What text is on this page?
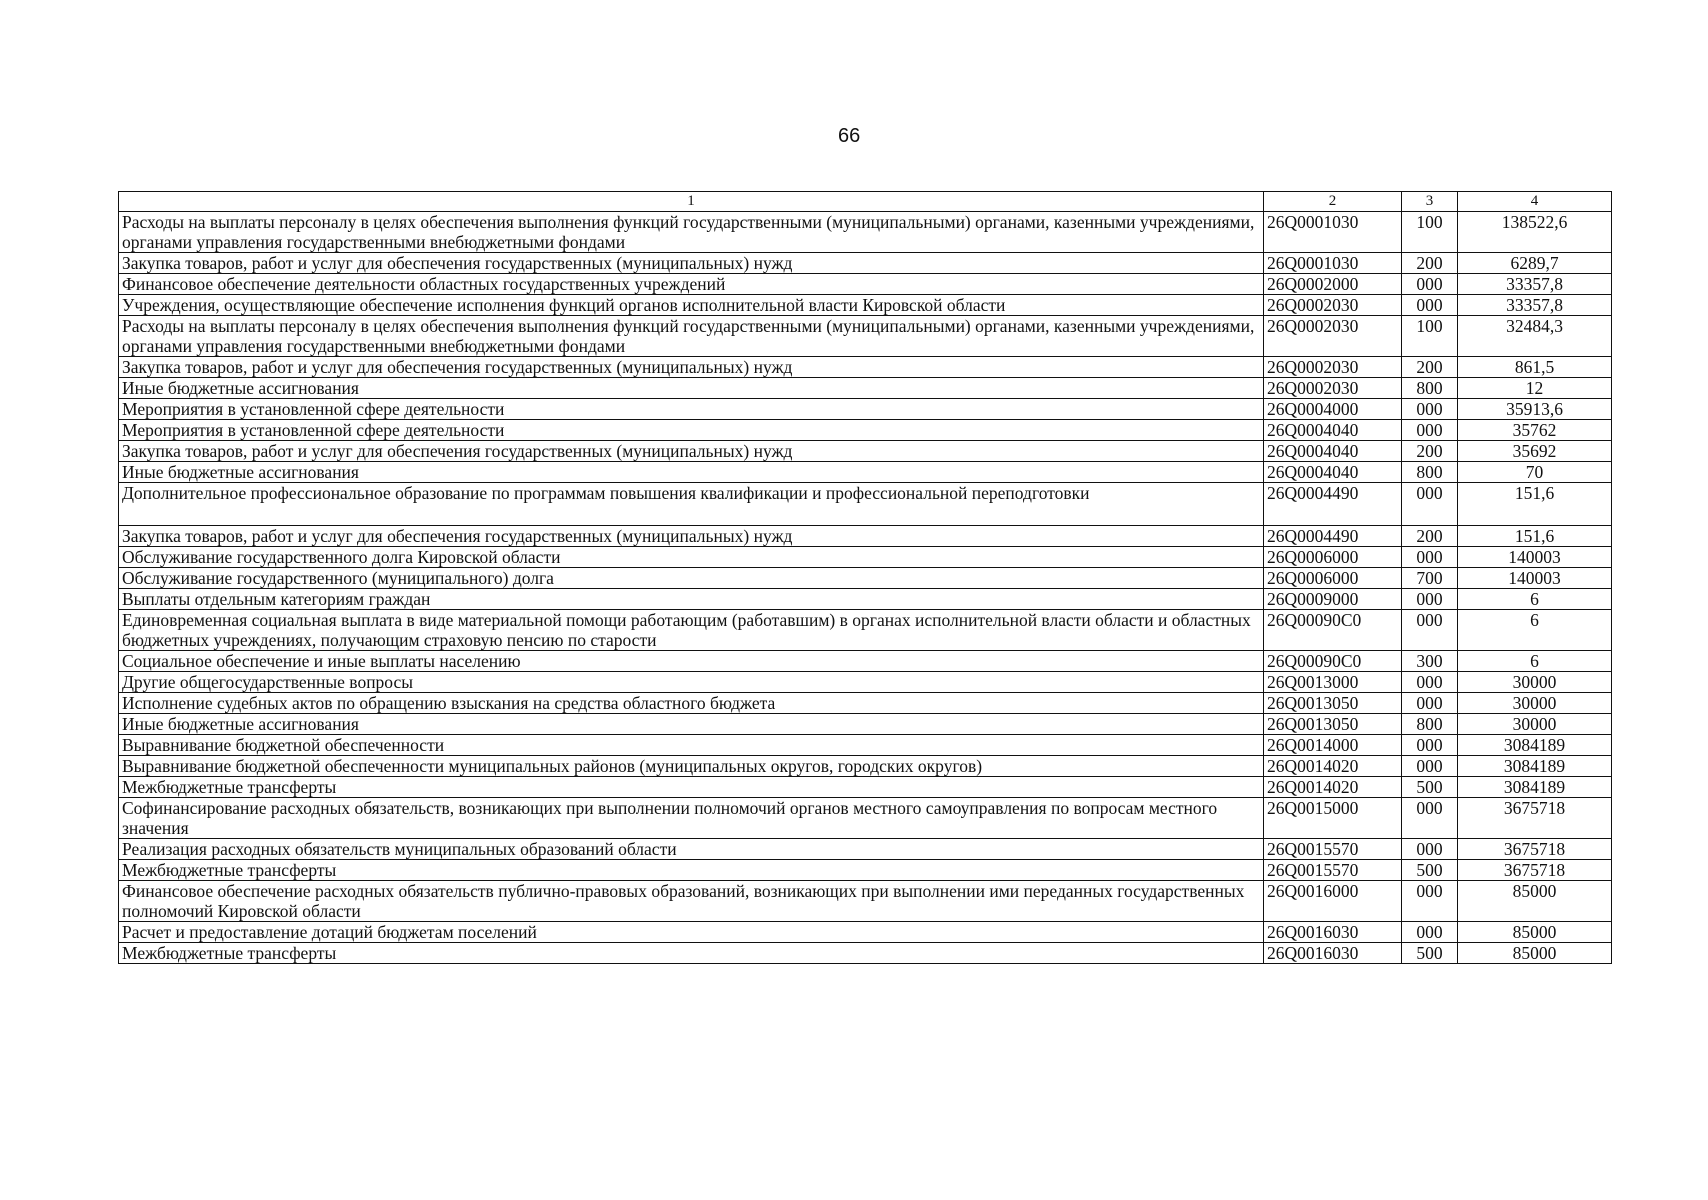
66
1	2	3	4
Расходы на выплаты персоналу в целях обеспечения выполнения функций государственными (муниципальными) органами, казенными учреждениями, органами управления государственными внебюджетными фондами	26Q0001030	100	138522,6
Закупка товаров, работ и услуг для обеспечения государственных (муниципальных) нужд	26Q0001030	200	6289,7
Финансовое обеспечение деятельности областных государственных учреждений	26Q0002000	000	33357,8
Учреждения, осуществляющие обеспечение исполнения функций органов исполнительной власти Кировской области	26Q0002030	000	33357,8
Расходы на выплаты персоналу в целях обеспечения выполнения функций государственными (муниципальными) органами, казенными учреждениями, органами управления государственными внебюджетными фондами	26Q0002030	100	32484,3
Закупка товаров, работ и услуг для обеспечения государственных (муниципальных) нужд	26Q0002030	200	861,5
Иные бюджетные ассигнования	26Q0002030	800	12
Мероприятия в установленной сфере деятельности	26Q0004000	000	35913,6
Мероприятия в установленной сфере деятельности	26Q0004040	000	35762
Закупка товаров, работ и услуг для обеспечения государственных (муниципальных) нужд	26Q0004040	200	35692
Иные бюджетные ассигнования	26Q0004040	800	70
Дополнительное профессиональное образование по программам повышения квалификации и профессиональной переподготовки	26Q0004490	000	151,6
Закупка товаров, работ и услуг для обеспечения государственных (муниципальных) нужд	26Q0004490	200	151,6
Обслуживание государственного долга Кировской области	26Q0006000	000	140003
Обслуживание государственного (муниципального) долга	26Q0006000	700	140003
Выплаты отдельным категориям граждан	26Q0009000	000	6
Единовременная социальная выплата в виде материальной помощи работающим (работавшим) в органах исполнительной власти области и областных бюджетных учреждениях, получающим страховую пенсию по старости	26Q00090C0	000	6
Социальное обеспечение и иные выплаты населению	26Q00090C0	300	6
Другие общегосударственные вопросы	26Q0013000	000	30000
Исполнение судебных актов по обращению взыскания на средства областного бюджета	26Q0013050	000	30000
Иные бюджетные ассигнования	26Q0013050	800	30000
Выравнивание бюджетной обеспеченности	26Q0014000	000	3084189
Выравнивание бюджетной обеспеченности муниципальных районов (муниципальных округов, городских округов)	26Q0014020	000	3084189
Межбюджетные трансферты	26Q0014020	500	3084189
Софинансирование расходных обязательств, возникающих при выполнении полномочий органов местного самоуправления по вопросам местного значения	26Q0015000	000	3675718
Реализация расходных обязательств муниципальных образований области	26Q0015570	000	3675718
Межбюджетные трансферты	26Q0015570	500	3675718
Финансовое обеспечение расходных обязательств публично-правовых образований, возникающих при выполнении ими переданных государственных полномочий Кировской области	26Q0016000	000	85000
Расчет и предоставление дотаций бюджетам поселений	26Q0016030	000	85000
Межбюджетные трансферты	26Q0016030	500	85000
